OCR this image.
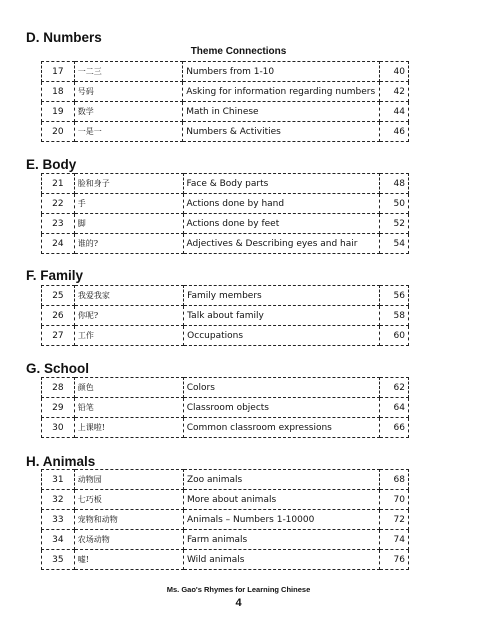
D. Numbers
Theme Connections
17	一二三	Numbers from 1-10	40
18	号码	Asking for information regarding numbers	42
19	数学	Math in Chinese	44
20	一是一	Numbers & Activities	46
E. Body
21	脸和身子	Face & Body parts	48
22	手	Actions done by hand	50
23	脚	Actions done by feet	52
24	谁的?	Adjectives & Describing eyes and hair	54
F. Family
25	我爱我家	Family members	56
26	你呢?	Talk about family	58
27	工作	Occupations	60
G. School
28	颜色	Colors	62
29	铅笔	Classroom objects	64
30	上课啦!	Common classroom expressions	66
H. Animals
31	动物园	Zoo animals	68
32	七巧板	More about animals	70
33	宠物和动物	Animals – Numbers 1-10000	72
34	农场动物	Farm animals	74
35	嘘!	Wild animals	76
Ms. Gao's Rhymes for Learning Chinese
4
